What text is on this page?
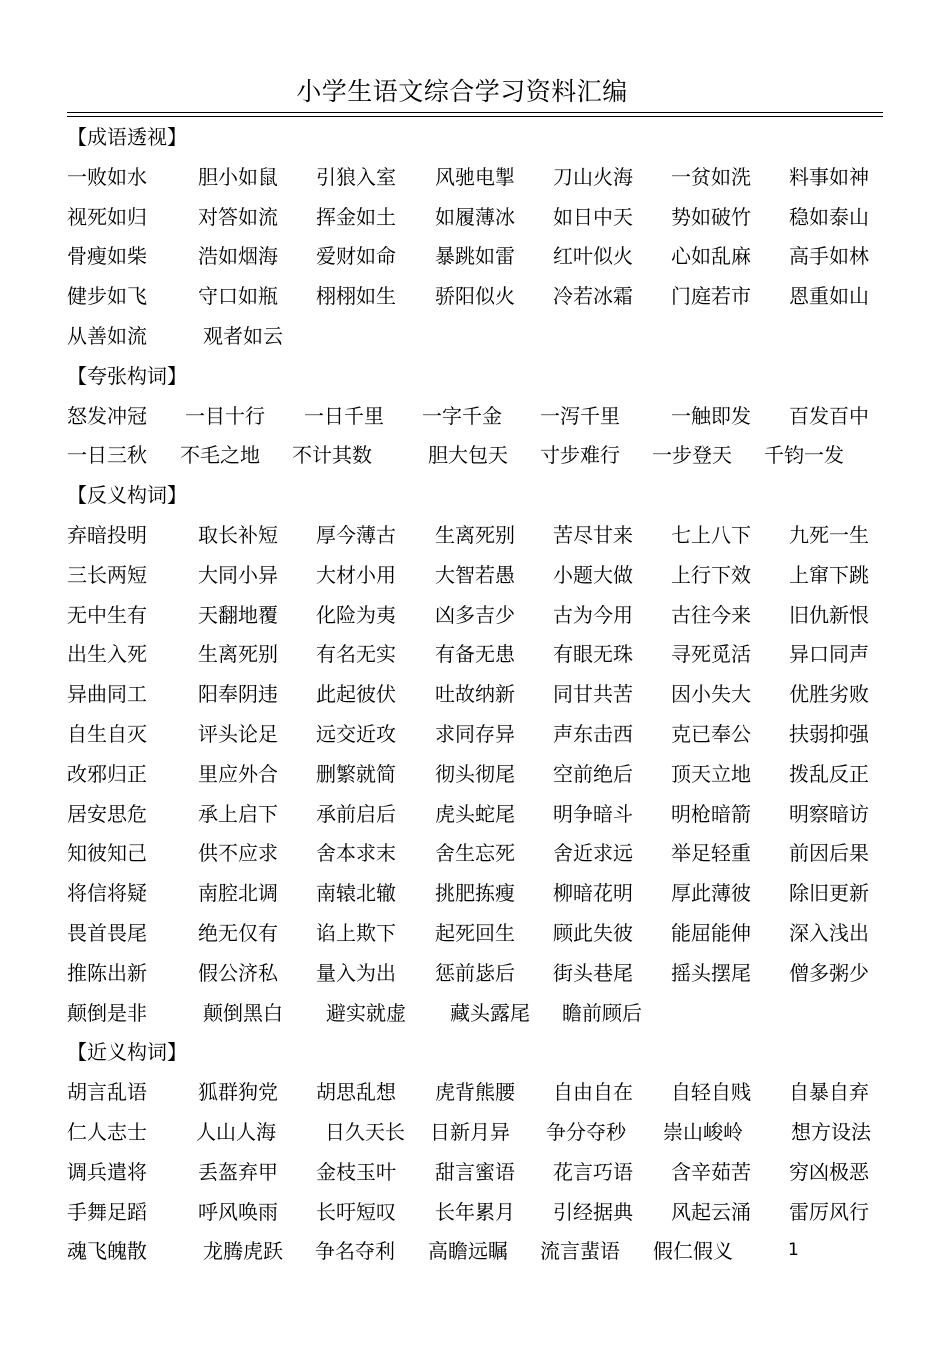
小学生语文综合学习资料汇编
【成语透视】
一败如水	胆小如鼠 引狼入室 风驰电掣 刀山火海 一贫如洗 料事如神
视死如归	对答如流 挥金如土 如履薄冰 如日中天 势如破竹 稳如泰山
骨瘦如柴	浩如烟海 爱财如命 暴跳如雷 红叶似火 心如乱麻 高手如林
健步如飞	守口如瓶 栩栩如生 骄阳似火 冷若冰霜 门庭若市 恩重如山
从善如流	观者如云
【夸张构词】
怒发冲冠 一目十行 一日千里 一字千金 一泻千里	一触即发 百发百中
一日三秋 不毛之地 不计其数	胆大包天 寸步难行 一步登天 千钧一发
【反义构词】
弃暗投明	取长补短 厚今薄古 生离死别 苦尽甘来 七上八下 九死一生
三长两短	大同小异 大材小用 大智若愚 小题大做 上行下效 上窜下跳
无中生有	天翻地覆 化险为夷 凶多吉少 古为今用 古往今来 旧仇新恨
出生入死	生离死别 有名无实 有备无患 有眼无珠 寻死觅活 异口同声
异曲同工	阳奉阴违 此起彼伏 吐故纳新 同甘共苦 因小失大 优胜劣败
自生自灭	评头论足 远交近攻 求同存异 声东击西 克已奉公 扶弱抑强
改邪归正	里应外合 删繁就简 彻头彻尾 空前绝后 顶天立地 拨乱反正
居安思危	承上启下 承前启后 虎头蛇尾 明争暗斗 明枪暗箭 明察暗访
知彼知己	供不应求 舍本求末 舍生忘死 舍近求远 举足轻重 前因后果
将信将疑	南腔北调 南辕北辙 挑肥拣瘦 柳暗花明 厚此薄彼 除旧更新
畏首畏尾	绝无仅有 谄上欺下 起死回生 顾此失彼 能屈能伸 深入浅出
推陈出新	假公济私 量入为出 惩前毖后 街头巷尾 摇头摆尾 僧多粥少
颠倒是非	颠倒黑白 避实就虚 藏头露尾 瞻前顾后
【近义构词】
胡言乱语	狐群狗党 胡思乱想 虎背熊腰 自由自在 自轻自贱 自暴自弃
仁人志士 人山人海 日久天长 日新月异 争分夺秒 崇山峻岭 想方设法
调兵遣将	丢盔弃甲 金枝玉叶 甜言蜜语 花言巧语 含辛茹苦 穷凶极恶
手舞足蹈	呼风唤雨 长吁短叹 长年累月 引经据典 风起云涌 雷厉风行
魂飞魄散	龙腾虎跃 争名夺利 高瞻远瞩 流言蜚语 假仁假义	1
